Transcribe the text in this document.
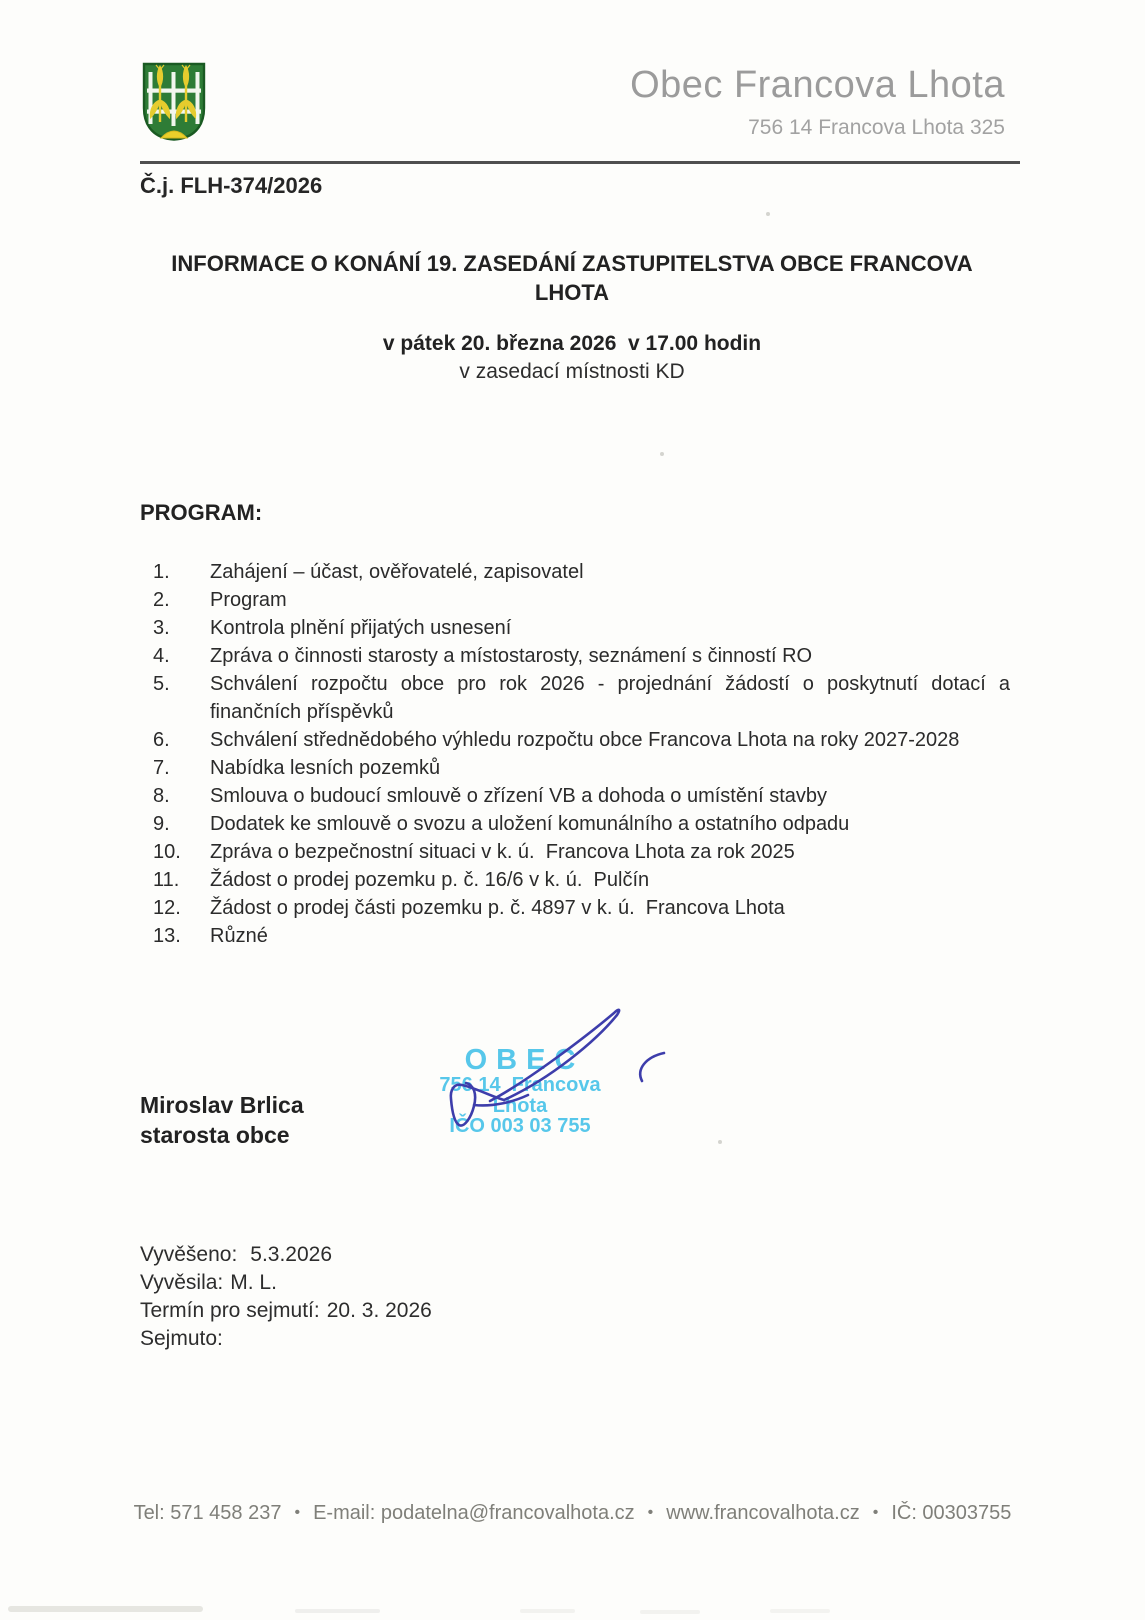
Obec Francova Lhota
756 14 Francova Lhota 325
Č.j. FLH-374/2026
INFORMACE O KONÁNÍ 19. ZASEDÁNÍ ZASTUPITELSTVA OBCE FRANCOVA
LHOTA
v pátek 20. března 2026  v 17.00 hodin
v zasedací místnosti KD
PROGRAM:
1.	Zahájení – účast, ověřovatelé, zapisovatel
2.	Program
3.	Kontrola plnění přijatých usnesení
4.	Zpráva o činnosti starosty a místostarosty, seznámení s činností RO
5.	Schválení rozpočtu obce pro rok 2026 - projednání žádostí o poskytnutí dotací a finančních příspěvků
6.	Schválení střednědobého výhledu rozpočtu obce Francova Lhota na roky 2027-2028
7.	Nabídka lesních pozemků
8.	Smlouva o budoucí smlouvě o zřízení VB a dohoda o umístění stavby
9.	Dodatek ke smlouvě o svozu a uložení komunálního a ostatního odpadu
10.	Zpráva o bezpečnostní situaci v k. ú.  Francova Lhota za rok 2025
11.	Žádost o prodej pozemku p. č. 16/6 v k. ú.  Pulčín
12.	Žádost o prodej části pozemku p. č. 4897 v k. ú.  Francova Lhota
13.	Různé
OBEC
756 14  Francova Lhota
IČO 003 03 755
Miroslav Brlica
starosta obce
Vyvěšeno: 5.3.2026
Vyvěsila: M. L.
Termín pro sejmutí: 20. 3. 2026
Sejmuto:
Tel: 571 458 237 • E-mail: podatelna@francovalhota.cz • www.francovalhota.cz • IČ: 00303755
